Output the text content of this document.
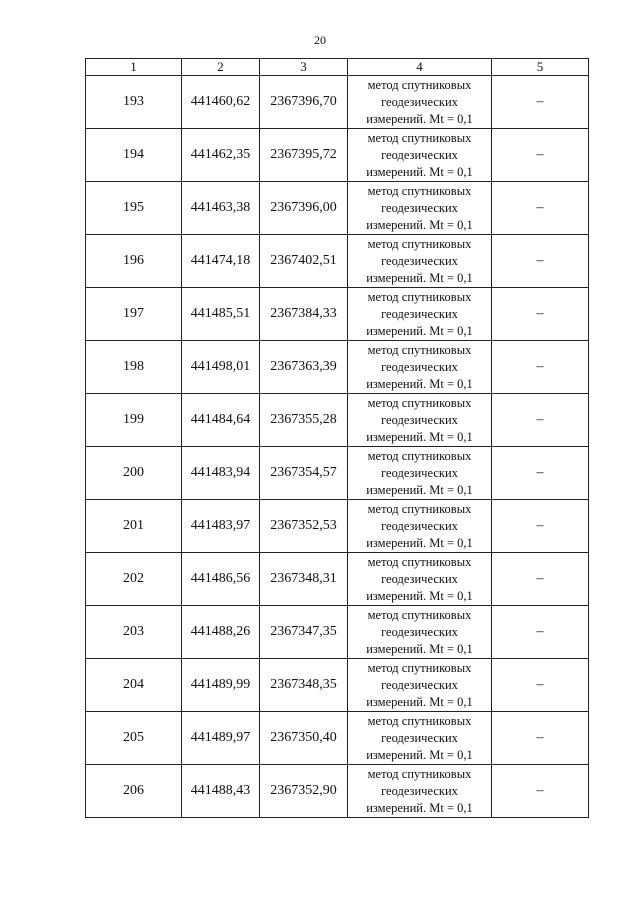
20
1	2	3	4	5
193	441460,62	2367396,70	метод спутниковых
геодезических
измерений. Mt = 0,1	–
194	441462,35	2367395,72	метод спутниковых
геодезических
измерений. Mt = 0,1	–
195	441463,38	2367396,00	метод спутниковых
геодезических
измерений. Mt = 0,1	–
196	441474,18	2367402,51	метод спутниковых
геодезических
измерений. Mt = 0,1	–
197	441485,51	2367384,33	метод спутниковых
геодезических
измерений. Mt = 0,1	–
198	441498,01	2367363,39	метод спутниковых
геодезических
измерений. Mt = 0,1	–
199	441484,64	2367355,28	метод спутниковых
геодезических
измерений. Mt = 0,1	–
200	441483,94	2367354,57	метод спутниковых
геодезических
измерений. Mt = 0,1	–
201	441483,97	2367352,53	метод спутниковых
геодезических
измерений. Mt = 0,1	–
202	441486,56	2367348,31	метод спутниковых
геодезических
измерений. Mt = 0,1	–
203	441488,26	2367347,35	метод спутниковых
геодезических
измерений. Mt = 0,1	–
204	441489,99	2367348,35	метод спутниковых
геодезических
измерений. Mt = 0,1	–
205	441489,97	2367350,40	метод спутниковых
геодезических
измерений. Mt = 0,1	–
206	441488,43	2367352,90	метод спутниковых
геодезических
измерений. Mt = 0,1	–
